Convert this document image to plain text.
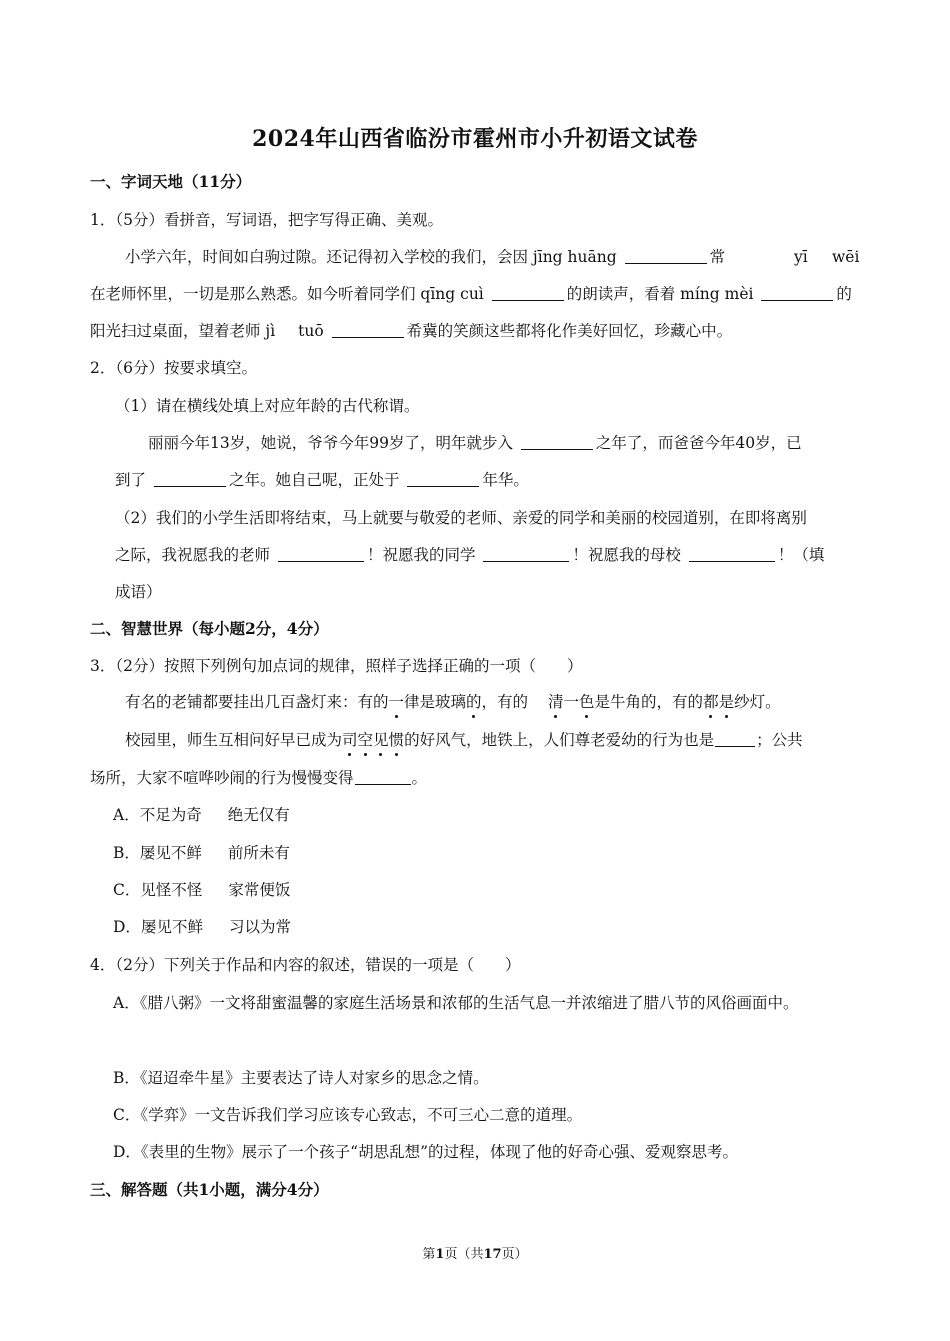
2024年山西省临汾市霍州市小升初语文试卷
一、字词天地（11分）
1．（5分）看拼音，写词语，把字写得正确、美观。
小学六年，时间如白驹过隙。还记得初入学校的我们，会因 jīng huāng	常	yī wēi
在老师怀里，一切是那么熟悉。如今听着同学们 qīng cuì	的朗读声，看着 míng mèi	的
阳光扫过桌面，望着老师 jì tuō	希冀的笑颜这些都将化作美好回忆，珍藏心中。
2．（6分）按要求填空。
（1）请在横线处填上对应年龄的古代称谓。
丽丽今年13岁，她说，爷爷今年99岁了，明年就步入	之年了，而爸爸今年40岁，已
到了	之年。她自己呢，正处于	年华。
（2）我们的小学生活即将结束，马上就要与敬爱的老师、亲爱的同学和美丽的校园道别，在即将离别
之际，我祝愿我的老师	！祝愿我的同学	！祝愿我的母校	！（填
成语）
二、智慧世界（每小题2分，4分）
3．（2分）按照下列例句加点词的规律，照样子选择正确的一项（　　）
有名的老铺都要挂出几百盏灯来：有的一律是玻璃的，有的 清一色是牛角的，有的都是纱灯。
校园里，师生互相问好早已成为司空见惯的好风气，地铁上，人们尊老爱幼的行为也是	；公共
场所，大家不喧哗吵闹的行为慢慢变得	。
A．不足为奇 绝无仅有
B．屡见不鲜 前所未有
C．见怪不怪 家常便饭
D．屡见不鲜 习以为常
4．（2分）下列关于作品和内容的叙述，错误的一项是（　　）
A．《腊八粥》一文将甜蜜温馨的家庭生活场景和浓郁的生活气息一并浓缩进了腊八节的风俗画面中。
B．《迢迢牵牛星》主要表达了诗人对家乡的思念之情。
C．《学弈》一文告诉我们学习应该专心致志，不可三心二意的道理。
D．《表里的生物》展示了一个孩子“胡思乱想”的过程，体现了他的好奇心强、爱观察思考。
三、解答题（共1小题，满分4分）
第1页（共17页）
